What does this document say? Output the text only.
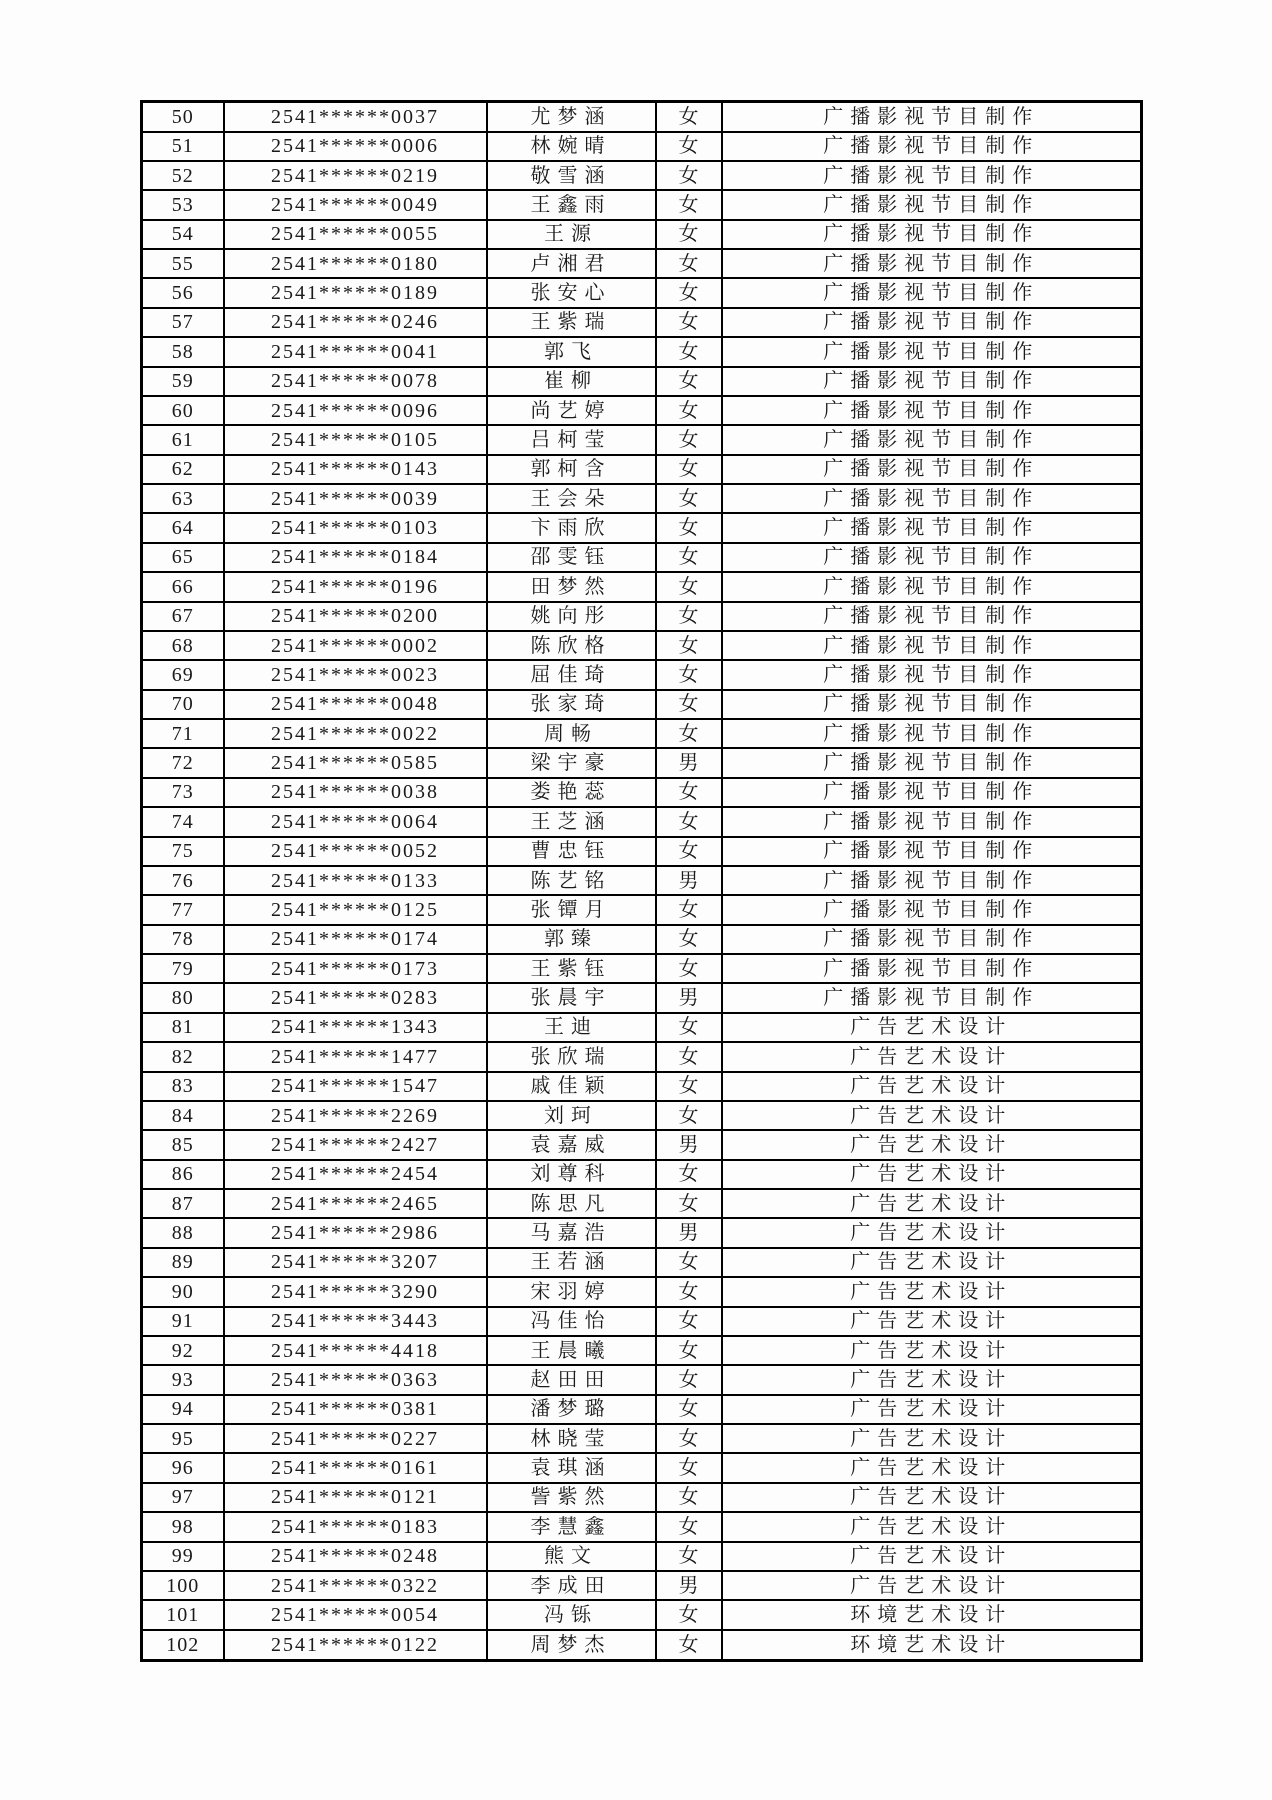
50	2541******0037	尤梦涵	女	广播影视节目制作
51	2541******0006	林婉晴	女	广播影视节目制作
52	2541******0219	敬雪涵	女	广播影视节目制作
53	2541******0049	王鑫雨	女	广播影视节目制作
54	2541******0055	王源	女	广播影视节目制作
55	2541******0180	卢湘君	女	广播影视节目制作
56	2541******0189	张安心	女	广播影视节目制作
57	2541******0246	王紫瑞	女	广播影视节目制作
58	2541******0041	郭飞	女	广播影视节目制作
59	2541******0078	崔柳	女	广播影视节目制作
60	2541******0096	尚艺婷	女	广播影视节目制作
61	2541******0105	吕柯莹	女	广播影视节目制作
62	2541******0143	郭柯含	女	广播影视节目制作
63	2541******0039	王会朵	女	广播影视节目制作
64	2541******0103	卞雨欣	女	广播影视节目制作
65	2541******0184	邵雯钰	女	广播影视节目制作
66	2541******0196	田梦然	女	广播影视节目制作
67	2541******0200	姚向彤	女	广播影视节目制作
68	2541******0002	陈欣格	女	广播影视节目制作
69	2541******0023	屈佳琦	女	广播影视节目制作
70	2541******0048	张家琦	女	广播影视节目制作
71	2541******0022	周畅	女	广播影视节目制作
72	2541******0585	梁宇豪	男	广播影视节目制作
73	2541******0038	娄艳蕊	女	广播影视节目制作
74	2541******0064	王芝涵	女	广播影视节目制作
75	2541******0052	曹忠钰	女	广播影视节目制作
76	2541******0133	陈艺铭	男	广播影视节目制作
77	2541******0125	张镡月	女	广播影视节目制作
78	2541******0174	郭臻	女	广播影视节目制作
79	2541******0173	王紫钰	女	广播影视节目制作
80	2541******0283	张晨宇	男	广播影视节目制作
81	2541******1343	王迪	女	广告艺术设计
82	2541******1477	张欣瑞	女	广告艺术设计
83	2541******1547	戚佳颖	女	广告艺术设计
84	2541******2269	刘珂	女	广告艺术设计
85	2541******2427	袁嘉威	男	广告艺术设计
86	2541******2454	刘尊科	女	广告艺术设计
87	2541******2465	陈思凡	女	广告艺术设计
88	2541******2986	马嘉浩	男	广告艺术设计
89	2541******3207	王若涵	女	广告艺术设计
90	2541******3290	宋羽婷	女	广告艺术设计
91	2541******3443	冯佳怡	女	广告艺术设计
92	2541******4418	王晨曦	女	广告艺术设计
93	2541******0363	赵田田	女	广告艺术设计
94	2541******0381	潘梦璐	女	广告艺术设计
95	2541******0227	林晓莹	女	广告艺术设计
96	2541******0161	袁琪涵	女	广告艺术设计
97	2541******0121	訾紫然	女	广告艺术设计
98	2541******0183	李慧鑫	女	广告艺术设计
99	2541******0248	熊文	女	广告艺术设计
100	2541******0322	李成田	男	广告艺术设计
101	2541******0054	冯铄	女	环境艺术设计
102	2541******0122	周梦杰	女	环境艺术设计
